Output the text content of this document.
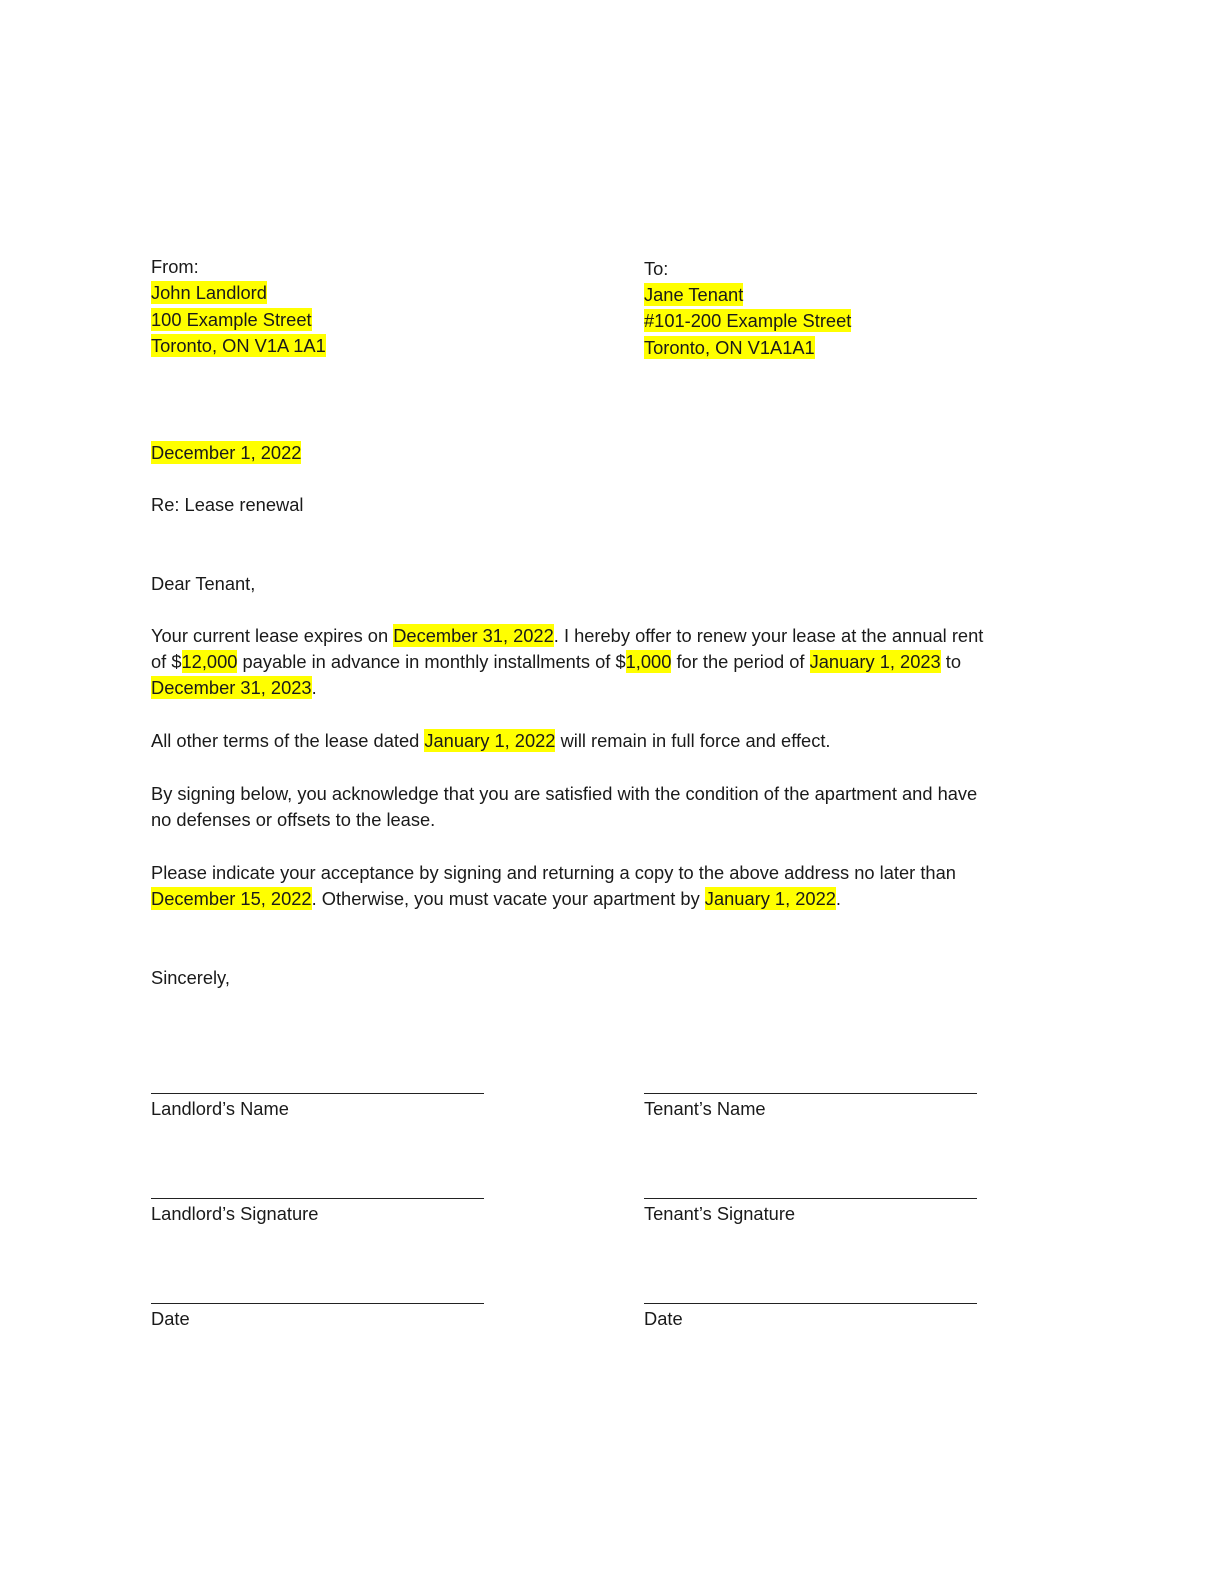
From:
John Landlord
100 Example Street
Toronto, ON V1A 1A1
To:
Jane Tenant
#101-200 Example Street
Toronto, ON V1A1A1
December 1, 2022
Re: Lease renewal
Dear Tenant,
Your current lease expires on December 31, 2022. I hereby offer to renew your lease at the annual rent
of $12,000 payable in advance in monthly installments of $1,000 for the period of January 1, 2023 to
December 31, 2023.
All other terms of the lease dated January 1, 2022 will remain in full force and effect.
By signing below, you acknowledge that you are satisfied with the condition of the apartment and have
no defenses or offsets to the lease.
Please indicate your acceptance by signing and returning a copy to the above address no later than
December 15, 2022. Otherwise, you must vacate your apartment by January 1, 2022.
Sincerely,
Landlord’s Name	Tenant’s Name
Landlord’s Signature	Tenant’s Signature
Date	Date
